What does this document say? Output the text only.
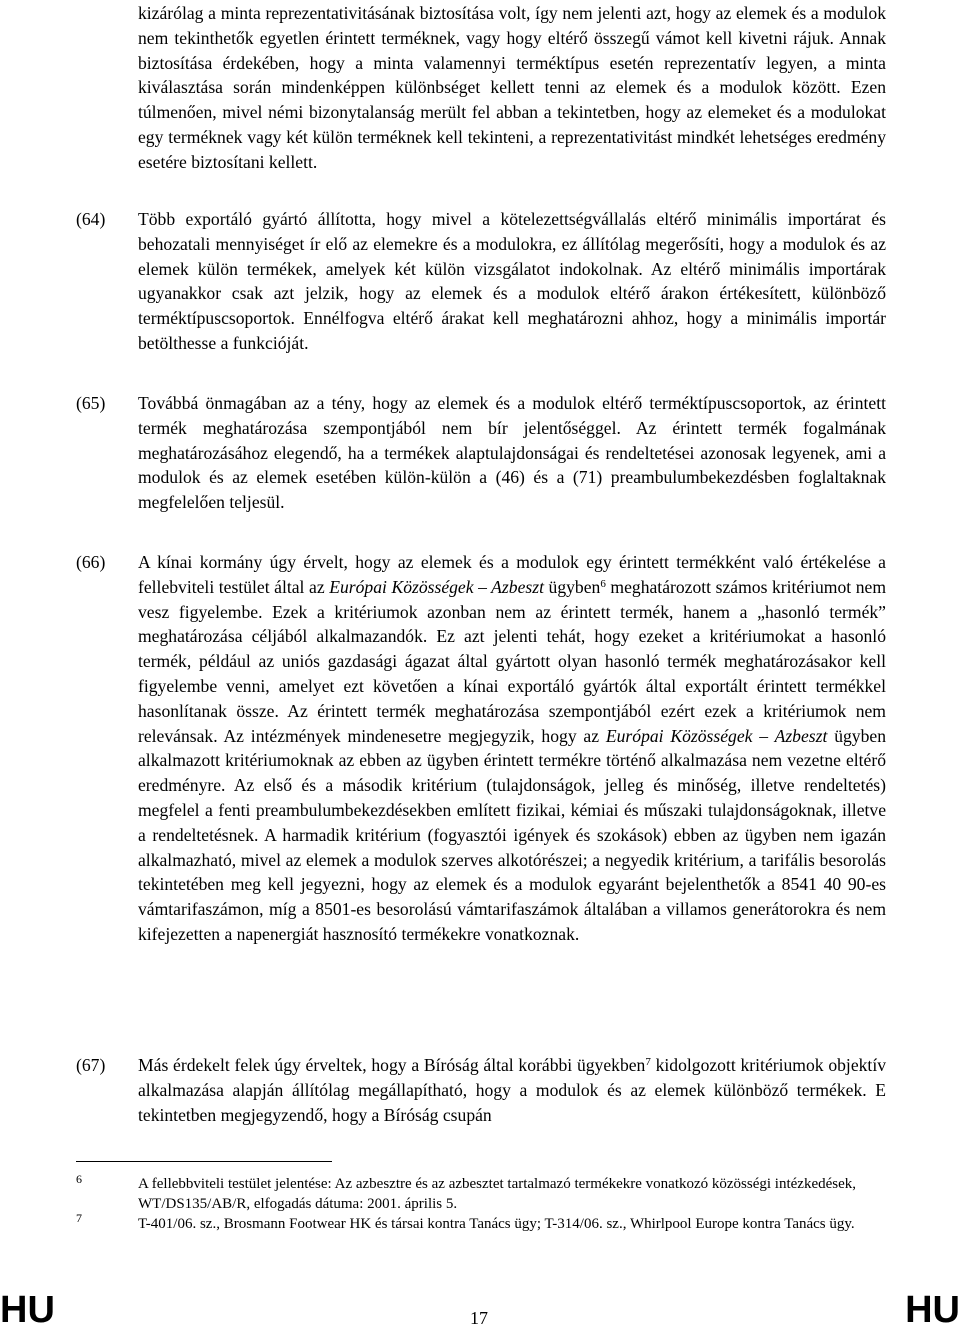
kizárólag a minta reprezentativitásának biztosítása volt, így nem jelenti azt, hogy az elemek és a modulok nem tekinthetők egyetlen érintett terméknek, vagy hogy eltérő összegű vámot kell kivetni rájuk. Annak biztosítása érdekében, hogy a minta valamennyi terméktípus esetén reprezentatív legyen, a minta kiválasztása során mindenképpen különbséget kellett tenni az elemek és a modulok között. Ezen túlmenően, mivel némi bizonytalanság merült fel abban a tekintetben, hogy az elemeket és a modulokat egy terméknek vagy két külön terméknek kell tekinteni, a reprezentativitást mindkét lehetséges eredmény esetére biztosítani kellett.
(64) Több exportáló gyártó állította, hogy mivel a kötelezettségvállalás eltérő minimális importárat és behozatali mennyiséget ír elő az elemekre és a modulokra, ez állítólag megerősíti, hogy a modulok és az elemek külön termékek, amelyek két külön vizsgálatot indokolnak. Az eltérő minimális importárak ugyanakkor csak azt jelzik, hogy az elemek és a modulok eltérő árakon értékesített, különböző terméktípuscsoportok. Ennélfogva eltérő árakat kell meghatározni ahhoz, hogy a minimális importár betölthesse a funkcióját.
(65) Továbbá önmagában az a tény, hogy az elemek és a modulok eltérő terméktípuscsoportok, az érintett termék meghatározása szempontjából nem bír jelentőséggel. Az érintett termék fogalmának meghatározásához elegendő, ha a termékek alaptulajdonságai és rendeltetései azonosak legyenek, ami a modulok és az elemek esetében külön-külön a (46) és a (71) preambulumbekezdésben foglaltaknak megfelelően teljesül.
(66) A kínai kormány úgy érvelt, hogy az elemek és a modulok egy érintett termékként való értékelése a fellebviteli testület által az Európai Közösségek – Azbeszt ügyben$^6$ meghatározott számos kritériumot nem vesz figyelembe. Ezek a kritériumok azonban nem az érintett termék, hanem a „hasonló termék” meghatározása céljából alkalmazandók. Ez azt jelenti tehát, hogy ezeket a kritériumokat a hasonló termék, például az uniós gazdasági ágazat által gyártott olyan hasonló termék meghatározásakor kell figyelembe venni, amelyet ezt követően a kínai exportáló gyártók által exportált érintett termékkel hasonlítanak össze. Az érintett termék meghatározása szempontjából ezért ezek a kritériumok nem relevánsak. Az intézmények mindenesetre megjegyzik, hogy az Európai Közösségek – Azbeszt ügyben alkalmazott kritériumoknak az ebben az ügyben érintett termékre történő alkalmazása nem vezetne eltérő eredményre. Az első és a második kritérium (tulajdonságok, jelleg és minőség, illetve rendeltetés) megfelel a fenti preambulumbekezdésekben említett fizikai, kémiai és műszaki tulajdonságoknak, illetve a rendeltetésnek. A harmadik kritérium (fogyasztói igények és szokások) ebben az ügyben nem igazán alkalmazható, mivel az elemek a modulok szerves alkotórészei; a negyedik kritérium, a tarifális besorolás tekintetében meg kell jegyezni, hogy az elemek és a modulok egyaránt bejelenthetők a 8541 40 90-es vámtarifaszámon, míg a 8501-es besorolású vámtarifaszámok általában a villamos generátorokra és nem kifejezetten a napenergiát hasznosító termékekre vonatkoznak.
(67) Más érdekelt felek úgy érveltek, hogy a Bíróság által korábbi ügyekben$^7$ kidolgozott kritériumok objektív alkalmazása alapján állítólag megállapítható, hogy a modulok és az elemek különböző termékek. E tekintetben megjegyzendő, hogy a Bíróság csupán
6	A fellebbviteli testület jelentése: Az azbesztre és az azbesztet tartalmazó termékekre vonatkozó közösségi intézkedések, WT/DS135/AB/R, elfogadás dátuma: 2001. április 5.
7	T-401/06. sz., Brosmann Footwear HK és társai kontra Tanács ügy; T-314/06. sz., Whirlpool Europe kontra Tanács ügy.
HU	17	HU
